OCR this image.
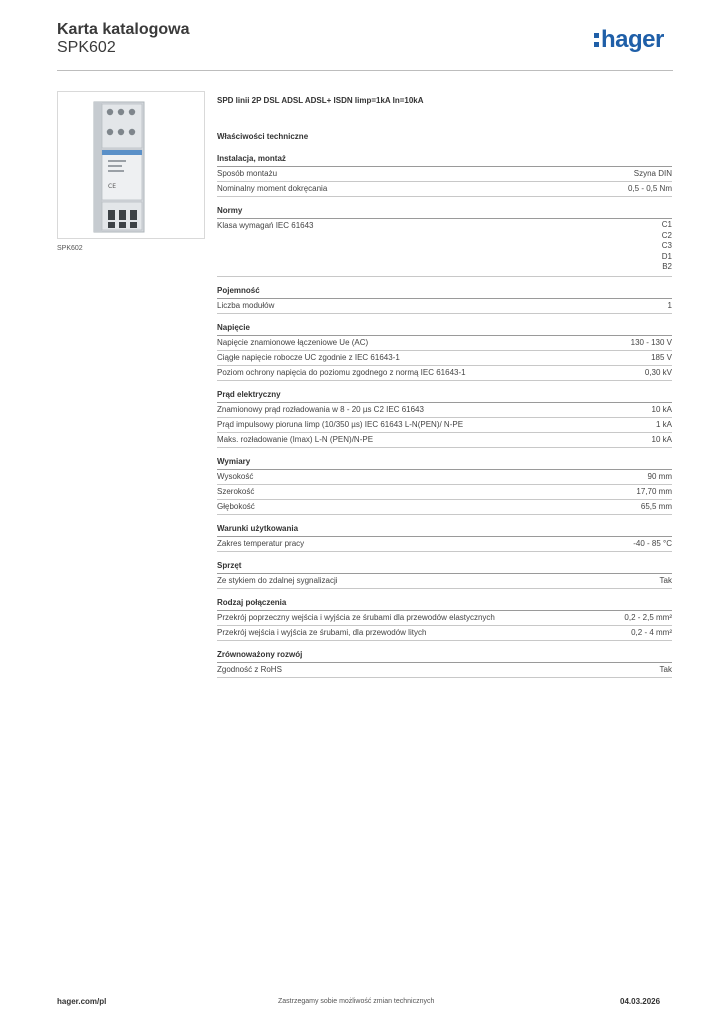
Karta katalogowa
SPK602	hager
CE
SPK602
SPD linii 2P DSL ADSL ADSL+ ISDN Iimp=1kA In=10kA
Właściwości techniczne
Instalacja, montaż
Sposób montażu	Szyna DIN
Nominalny moment dokręcania	0,5 - 0,5 Nm
Normy
Klasa wymagań IEC 61643	C1
C2
C3
D1
B2
Pojemność
Liczba modułów	1
Napięcie
Napięcie znamionowe łączeniowe Ue (AC)	130 - 130 V
Ciągłe napięcie robocze UC zgodnie z IEC 61643-1	185 V
Poziom ochrony napięcia do poziomu zgodnego z normą IEC 61643-1	0,30 kV
Prąd elektryczny
Znamionowy prąd rozładowania w 8 - 20 µs C2 IEC 61643	10 kA
Prąd impulsowy pioruna Iimp (10/350 µs) IEC 61643 L-N(PEN)/ N-PE	1 kA
Maks. rozładowanie (Imax) L-N (PEN)/N-PE	10 kA
Wymiary
Wysokość	90 mm
Szerokość	17,70 mm
Głębokość	65,5 mm
Warunki użytkowania
Zakres temperatur pracy	-40 - 85 °C
Sprzęt
Ze stykiem do zdalnej sygnalizacji	Tak
Rodzaj połączenia
Przekrój poprzeczny wejścia i wyjścia ze śrubami dla przewodów elastycznych	0,2 - 2,5 mm²
Przekrój wejścia i wyjścia ze śrubami, dla przewodów litych	0,2 - 4 mm²
Zrównoważony rozwój
Zgodność z RoHS	Tak
hager.com/pl	Zastrzegamy sobie możliwość zmian technicznych	04.03.2026
